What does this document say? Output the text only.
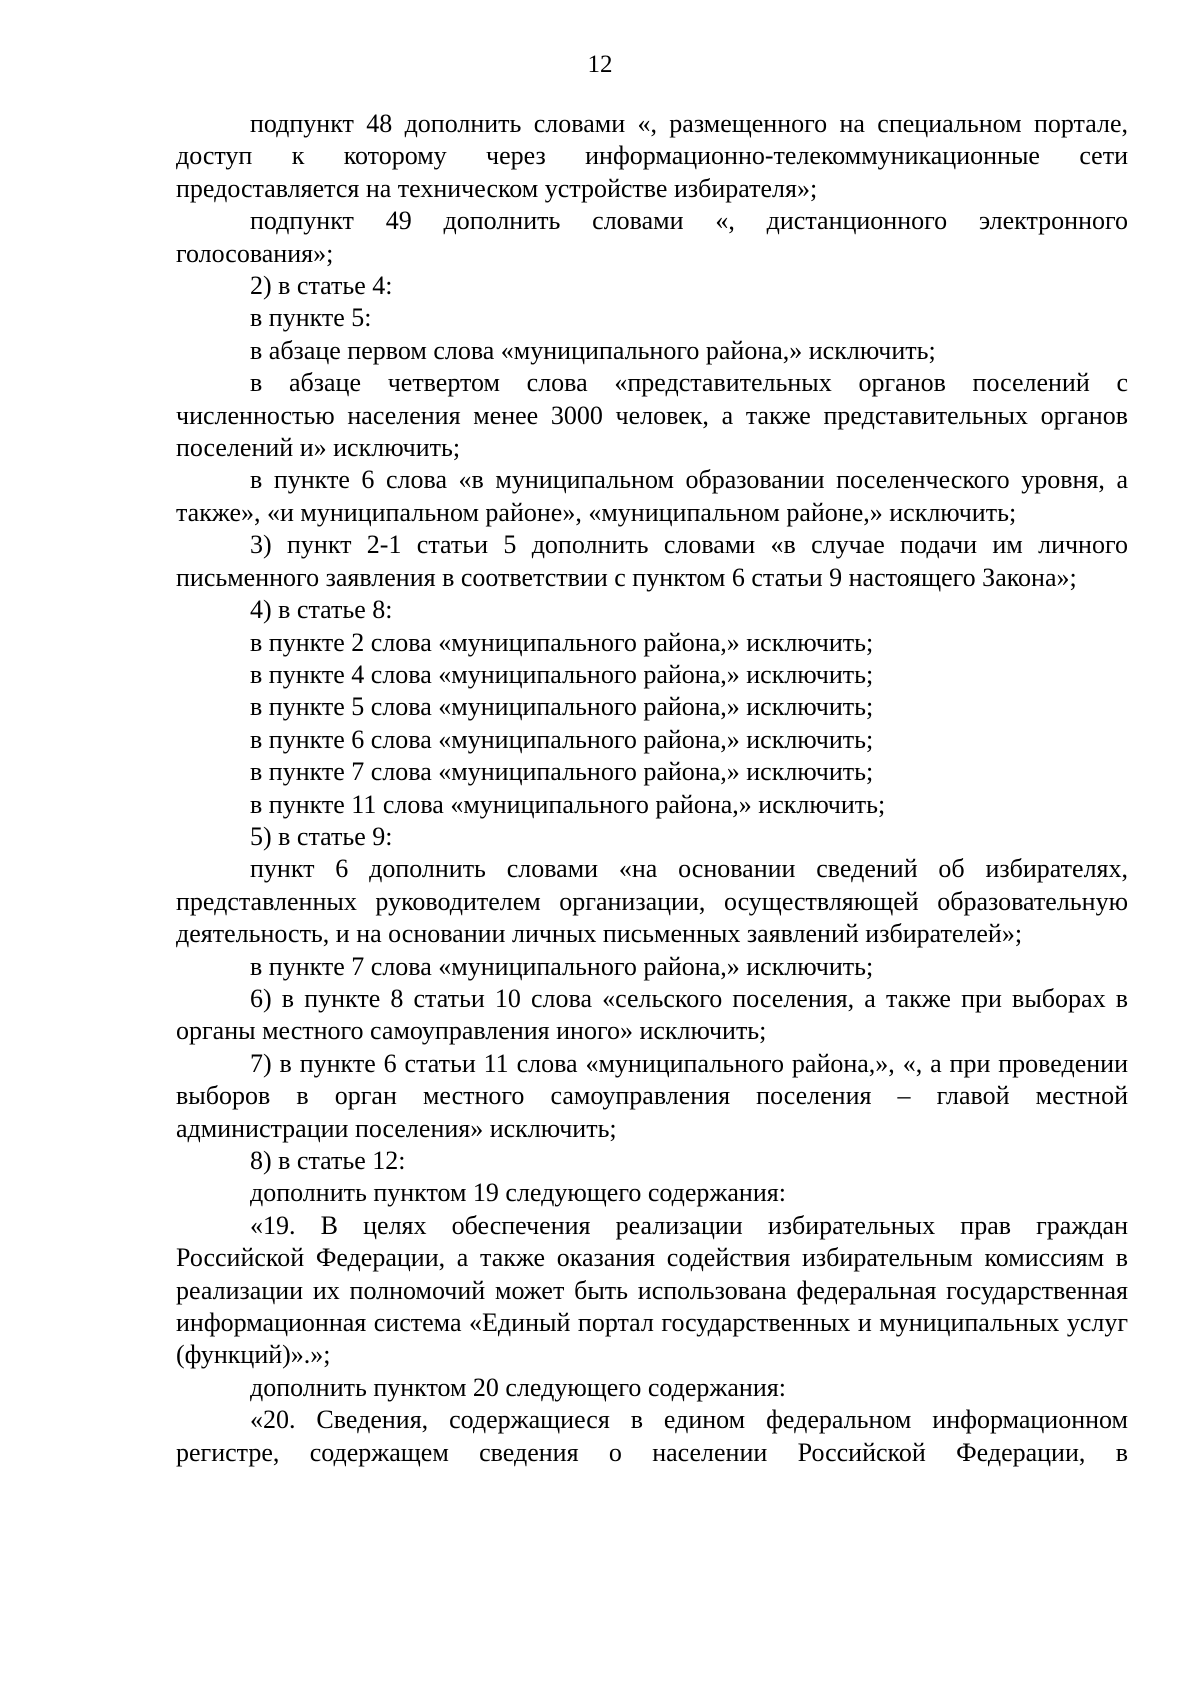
12

подпункт 48 дополнить словами «, размещенного на специальном портале, доступ к которому через информационно-телекоммуникационные сети предоставляется на техническом устройстве избирателя»;

подпункт 49 дополнить словами «, дистанционного электронного голосования»;

2) в статье 4:

в пункте 5:

в абзаце первом слова «муниципального района,» исключить;

в абзаце четвертом слова «представительных органов поселений с численностью населения менее 3000 человек, а также представительных органов поселений и» исключить;

в пункте 6 слова «в муниципальном образовании поселенческого уровня, а также», «и муниципальном районе», «муниципальном районе,» исключить;

3) пункт 2-1 статьи 5 дополнить словами «в случае подачи им личного письменного заявления в соответствии с пунктом 6 статьи 9 настоящего Закона»;

4) в статье 8:

в пункте 2 слова «муниципального района,» исключить;

в пункте 4 слова «муниципального района,» исключить;

в пункте 5 слова «муниципального района,» исключить;

в пункте 6 слова «муниципального района,» исключить;

в пункте 7 слова «муниципального района,» исключить;

в пункте 11 слова «муниципального района,» исключить;

5) в статье 9:

пункт 6 дополнить словами «на основании сведений об избирателях, представленных руководителем организации, осуществляющей образовательную деятельность, и на основании личных письменных заявлений избирателей»;

в пункте 7 слова «муниципального района,» исключить;

6) в пункте 8 статьи 10 слова «сельского поселения, а также при выборах в органы местного самоуправления иного» исключить;

7) в пункте 6 статьи 11 слова «муниципального района,», «, а при проведении выборов в орган местного самоуправления поселения – главой местной администрации поселения» исключить;

8) в статье 12:

дополнить пунктом 19 следующего содержания:

«19. В целях обеспечения реализации избирательных прав граждан Российской Федерации, а также оказания содействия избирательным комиссиям в реализации их полномочий может быть использована федеральная государственная информационная система «Единый портал государственных и муниципальных услуг (функций)».»;

дополнить пунктом 20 следующего содержания:

«20. Сведения, содержащиеся в едином федеральном информационном регистре, содержащем сведения о населении Российской Федерации, в
